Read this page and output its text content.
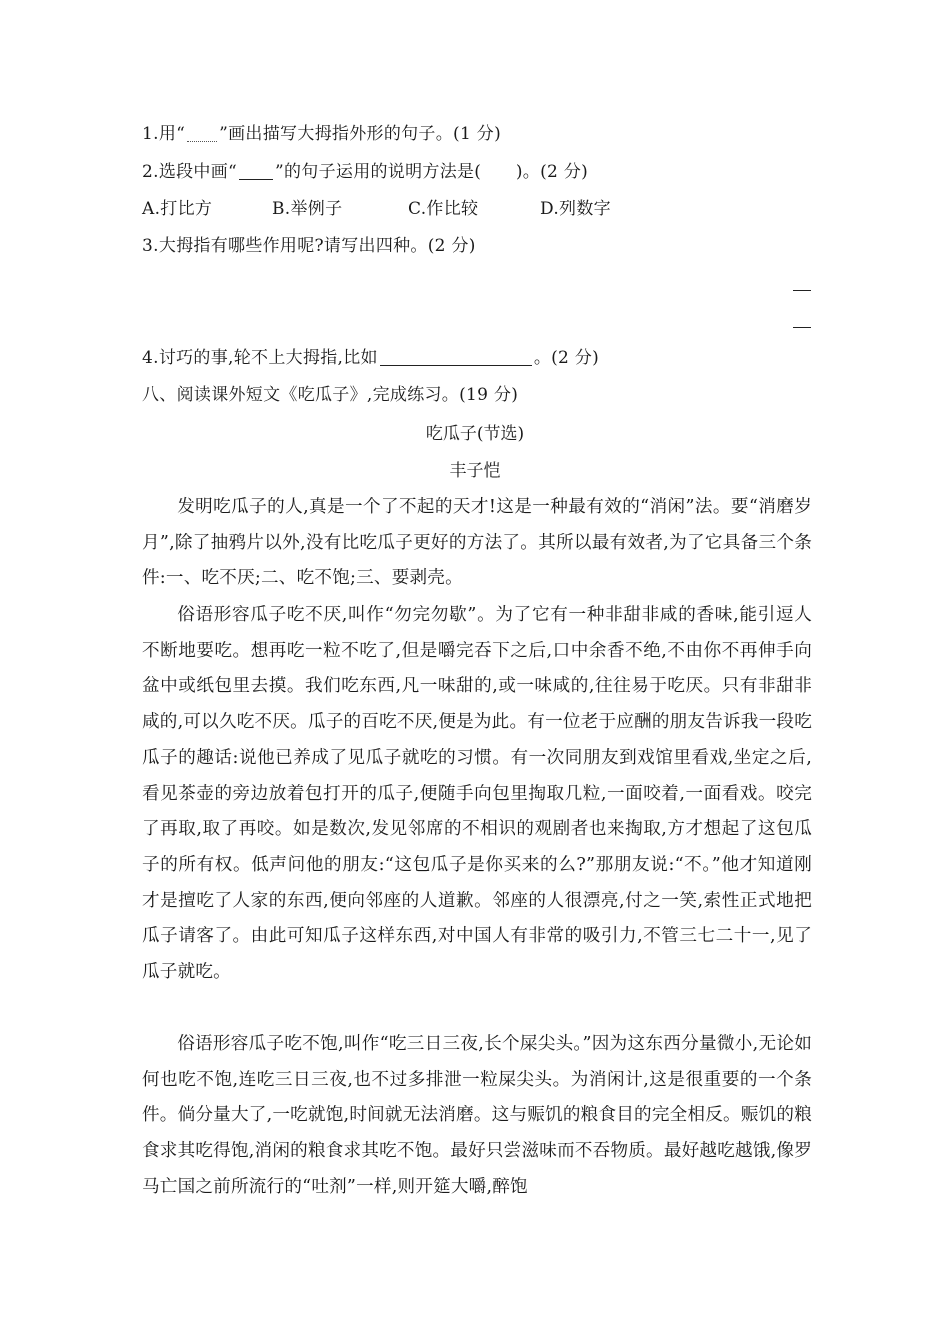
1.用“ ”画出描写大拇指外形的句子。(1 分)
2.选段中画“ ”的句子运用的说明方法是(　　)。(2 分)
A.打比方	B.举例子	C.作比较	D.列数字
3.大拇指有哪些作用呢?请写出四种。(2 分)
4.讨巧的事,轮不上大拇指,比如	。(2 分)
八、阅读课外短文《吃瓜子》,完成练习。(19 分)
吃瓜子(节选)
丰子恺

发明吃瓜子的人,真是一个了不起的天才!这是一种最有效的“消闲”法。要“消磨岁月”,除了抽鸦片以外,没有比吃瓜子更好的方法了。其所以最有效者,为了它具备三个条件:一、吃不厌;二、吃不饱;三、要剥壳。

俗语形容瓜子吃不厌,叫作“勿完勿歇”。为了它有一种非甜非咸的香味,能引逗人不断地要吃。想再吃一粒不吃了,但是嚼完吞下之后,口中余香不绝,不由你不再伸手向盆中或纸包里去摸。我们吃东西,凡一味甜的,或一味咸的,往往易于吃厌。只有非甜非咸的,可以久吃不厌。瓜子的百吃不厌,便是为此。有一位老于应酬的朋友告诉我一段吃瓜子的趣话:说他已养成了见瓜子就吃的习惯。有一次同朋友到戏馆里看戏,坐定之后,看见茶壶的旁边放着包打开的瓜子,便随手向包里掏取几粒,一面咬着,一面看戏。咬完了再取,取了再咬。如是数次,发见邻席的不相识的观剧者也来掏取,方才想起了这包瓜子的所有权。低声问他的朋友:“这包瓜子是你买来的么?”那朋友说:“不。”他才知道刚才是擅吃了人家的东西,便向邻座的人道歉。邻座的人很漂亮,付之一笑,索性正式地把瓜子请客了。由此可知瓜子这样东西,对中国人有非常的吸引力,不管三七二十一,见了瓜子就吃。

俗语形容瓜子吃不饱,叫作“吃三日三夜,长个屎尖头。”因为这东西分量微小,无论如何也吃不饱,连吃三日三夜,也不过多排泄一粒屎尖头。为消闲计,这是很重要的一个条件。倘分量大了,一吃就饱,时间就无法消磨。这与赈饥的粮食目的完全相反。赈饥的粮食求其吃得饱,消闲的粮食求其吃不饱。最好只尝滋味而不吞物质。最好越吃越饿,像罗马亡国之前所流行的“吐剂”一样,则开筵大嚼,醉饱
